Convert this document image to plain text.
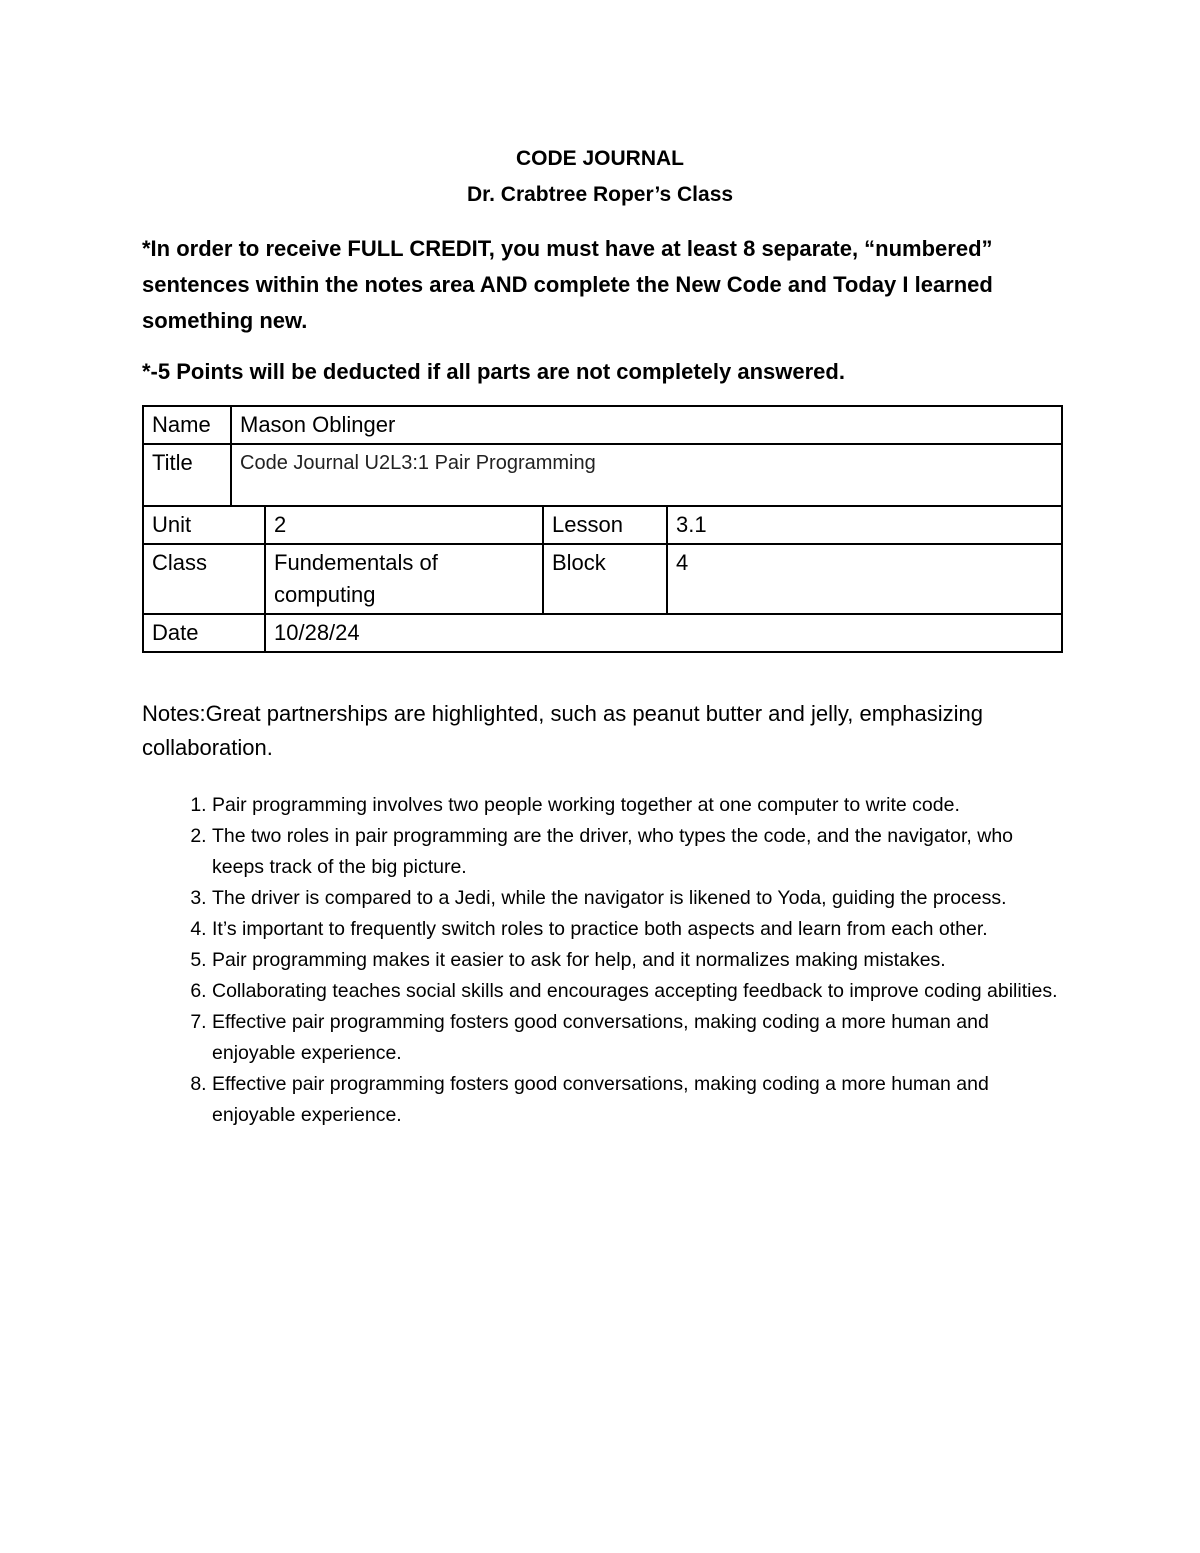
CODE JOURNAL
Dr. Crabtree Roper’s Class
*In order to receive FULL CREDIT, you must have at least 8 separate, “numbered” sentences within the notes area AND complete the New Code and Today I learned something new.
*-5 Points will be deducted if all parts are not completely answered.
Name	Mason Oblinger			
Title	Code Journal U2L3:1 Pair Programming			
Unit		2	Lesson	3.1
Class		Fundementals of computing	Block	4
Date		10/28/24		
Notes:Great partnerships are highlighted, such as peanut butter and jelly, emphasizing collaboration.
1. Pair programming involves two people working together at one computer to write code.
2. The two roles in pair programming are the driver, who types the code, and the navigator, who keeps track of the big picture.
3. The driver is compared to a Jedi, while the navigator is likened to Yoda, guiding the process.
4. It’s important to frequently switch roles to practice both aspects and learn from each other.
5. Pair programming makes it easier to ask for help, and it normalizes making mistakes.
6. Collaborating teaches social skills and encourages accepting feedback to improve coding abilities.
7. Effective pair programming fosters good conversations, making coding a more human and enjoyable experience.
8. Effective pair programming fosters good conversations, making coding a more human and enjoyable experience.
